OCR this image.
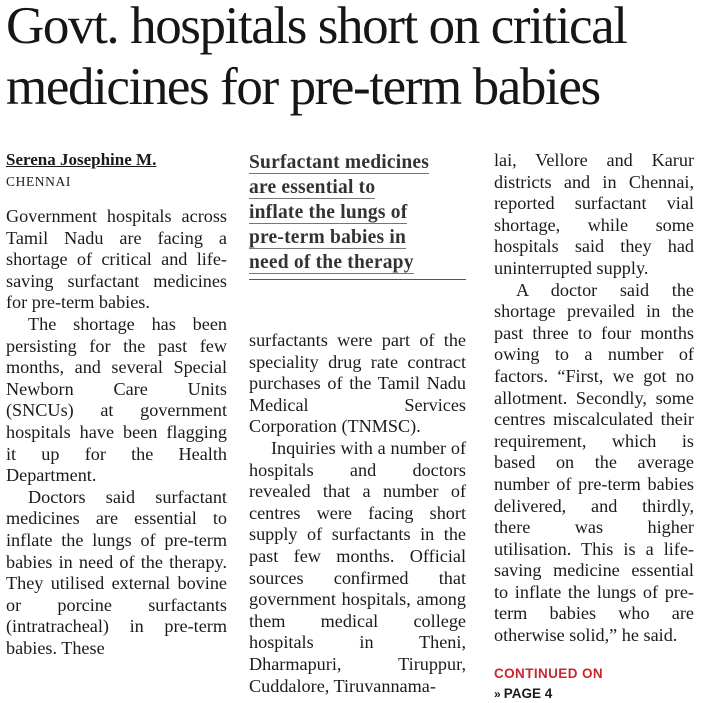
Govt. hospitals short on critical medicines for pre-term babies

Serena Josephine M.

CHENNAI

Government hospitals across Tamil Nadu are facing a shortage of critical and life-saving surfactant medicines for pre-term babies.

The shortage has been persisting for the past few months, and several Special Newborn Care Units (SNCUs) at government hospitals have been flagging it up for the Health Department.

Doctors said surfactant medicines are essential to inflate the lungs of pre-term babies in need of the therapy. They utilised external bovine or porcine surfactants (intratracheal) in pre-term babies. These

Surfactant medicines
are essential to
inflate the lungs of
pre-term babies in
need of the therapy

surfactants were part of the speciality drug rate contract purchases of the Tamil Nadu Medical Services Corporation (TNMSC).

Inquiries with a number of hospitals and doctors revealed that a number of centres were facing short supply of surfactants in the past few months. Official sources confirmed that government hospitals, among them medical college hospitals in Theni, Dharmapuri, Tiruppur, Cuddalore, Tiruvannama-

lai, Vellore and Karur districts and in Chennai, reported surfactant vial shortage, while some hospitals said they had uninterrupted supply.

A doctor said the shortage prevailed in the past three to four months owing to a number of factors. “First, we got no allotment. Secondly, some centres miscalculated their requirement, which is based on the average number of pre-term babies delivered, and thirdly, there was higher utilisation. This is a life-saving medicine essential to inflate the lungs of pre-term babies who are otherwise solid,” he said.

CONTINUED ON

» PAGE 4
